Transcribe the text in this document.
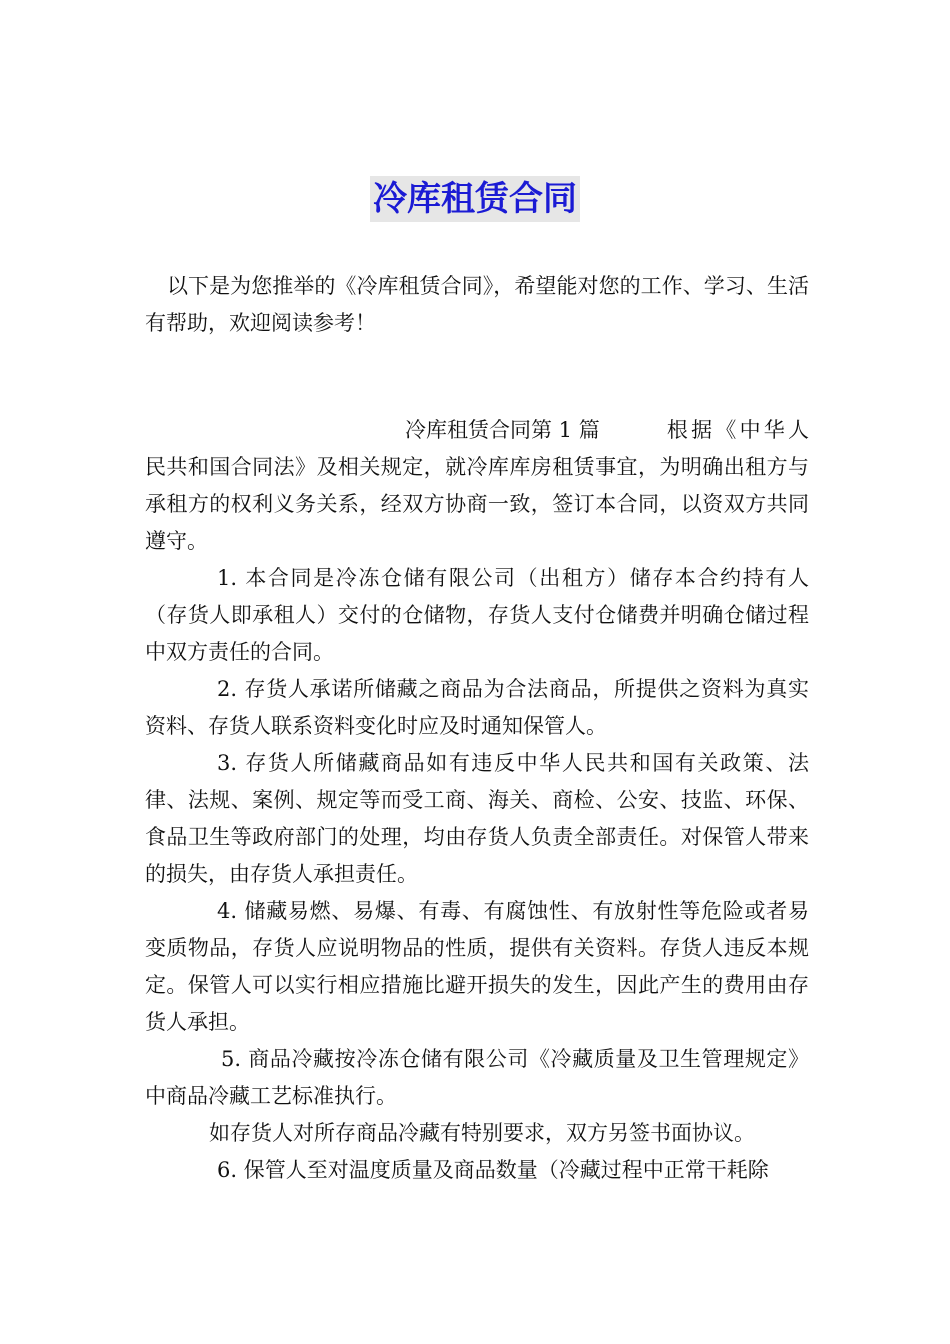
冷库租赁合同

以下是为您推举的《冷库租赁合同》，希望能对您的工作、学习、生活有帮助，欢迎阅读参考！

冷库租赁合同第 1 篇	根据《中华人民共和国合同法》及相关规定，就冷库库房租赁事宜，为明确出租方与承租方的权利义务关系，经双方协商一致，签订本合同，以资双方共同遵守。

1. 本合同是冷冻仓储有限公司（出租方）储存本合约持有人（存货人即承租人）交付的仓储物，存货人支付仓储费并明确仓储过程中双方责任的合同。

2. 存货人承诺所储藏之商品为合法商品，所提供之资料为真实资料、存货人联系资料变化时应及时通知保管人。

3. 存货人所储藏商品如有违反中华人民共和国有关政策、法律、法规、案例、规定等而受工商、海关、商检、公安、技监、环保、食品卫生等政府部门的处理，均由存货人负责全部责任。对保管人带来的损失，由存货人承担责任。

4. 储藏易燃、易爆、有毒、有腐蚀性、有放射性等危险或者易变质物品，存货人应说明物品的性质，提供有关资料。存货人违反本规定。保管人可以实行相应措施比避开损失的发生，因此产生的费用由存货人承担。

5. 商品冷藏按冷冻仓储有限公司《冷藏质量及卫生管理规定》中商品冷藏工艺标准执行。

如存货人对所存商品冷藏有特别要求，双方另签书面协议。

6. 保管人至对温度质量及商品数量（冷藏过程中正常干耗除
